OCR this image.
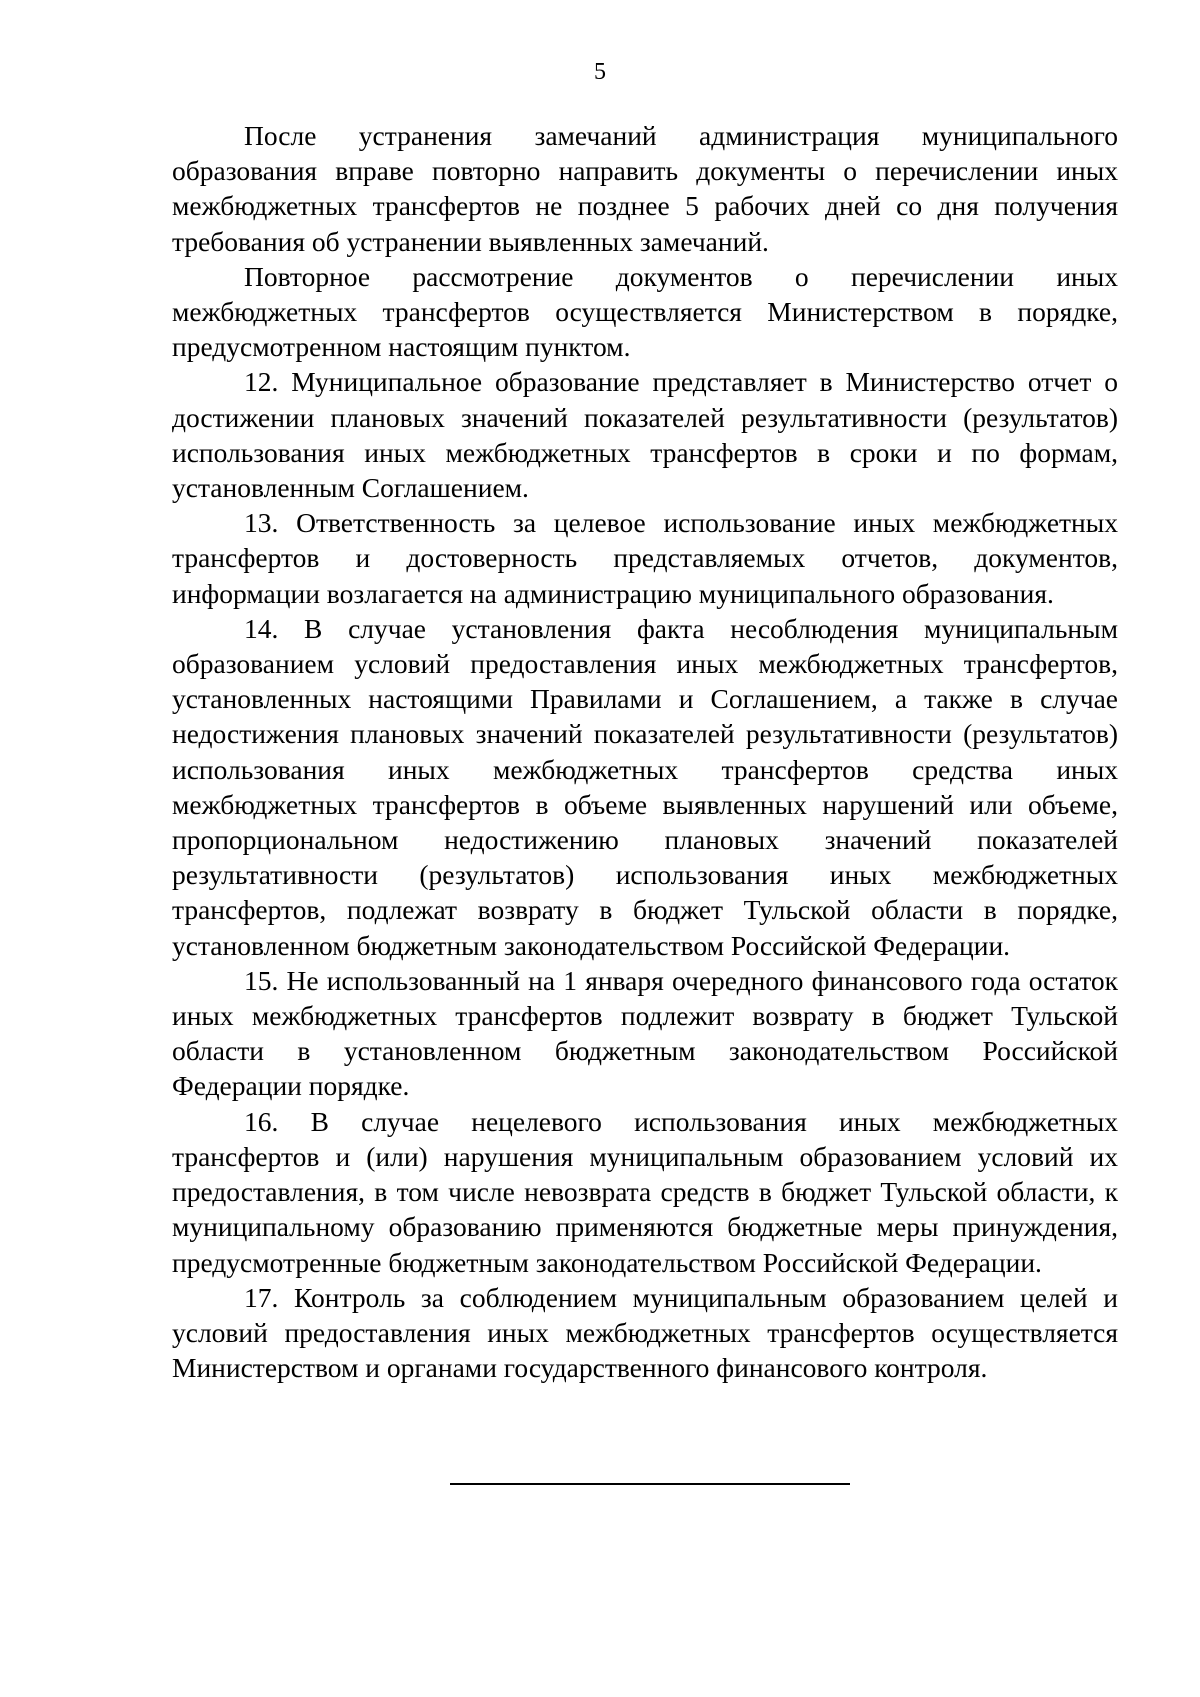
5

После устранения замечаний администрация муниципального образования вправе повторно направить документы о перечислении иных межбюджетных трансфертов не позднее 5 рабочих дней со дня получения требования об устранении выявленных замечаний.

Повторное рассмотрение документов о перечислении иных межбюджетных трансфертов осуществляется Министерством в порядке, предусмотренном настоящим пунктом.

12. Муниципальное образование представляет в Министерство отчет о достижении плановых значений показателей результативности (результатов) использования иных межбюджетных трансфертов в сроки и по формам, установленным Соглашением.

13. Ответственность за целевое использование иных межбюджетных трансфертов и достоверность представляемых отчетов, документов, информации возлагается на администрацию муниципального образования.

14. В случае установления факта несоблюдения муниципальным образованием условий предоставления иных межбюджетных трансфертов, установленных настоящими Правилами и Соглашением, а также в случае недостижения плановых значений показателей результативности (результатов) использования иных межбюджетных трансфертов средства иных межбюджетных трансфертов в объеме выявленных нарушений или объеме, пропорциональном недостижению плановых значений показателей результативности (результатов) использования иных межбюджетных трансфертов, подлежат возврату в бюджет Тульской области в порядке, установленном бюджетным законодательством Российской Федерации.

15. Не использованный на 1 января очередного финансового года остаток иных межбюджетных трансфертов подлежит возврату в бюджет Тульской области в установленном бюджетным законодательством Российской Федерации порядке.

16. В случае нецелевого использования иных межбюджетных трансфертов и (или) нарушения муниципальным образованием условий их предоставления, в том числе невозврата средств в бюджет Тульской области, к муниципальному образованию применяются бюджетные меры принуждения, предусмотренные бюджетным законодательством Российской Федерации.

17. Контроль за соблюдением муниципальным образованием целей и условий предоставления иных межбюджетных трансфертов осуществляется Министерством и органами государственного финансового контроля.
